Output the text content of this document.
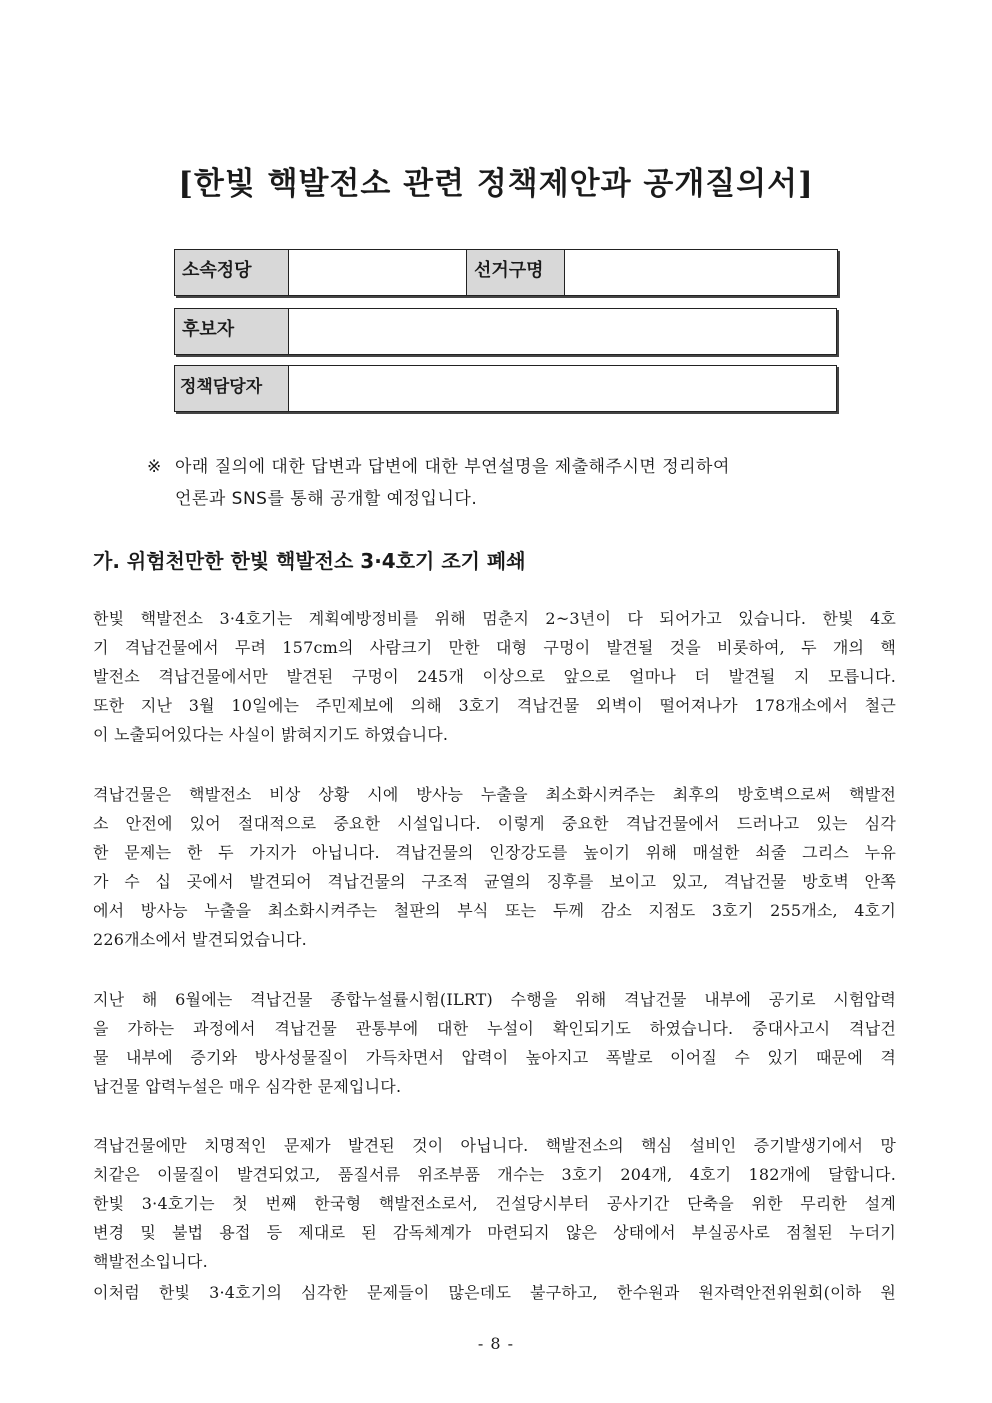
[한빛 핵발전소 관련 정책제안과 공개질의서]
소속정당	선거구명
후보자
정책담당자
※ 아래 질의에 대한 답변과 답변에 대한 부연설명을 제출해주시면 정리하여
언론과 SNS를 통해 공개할 예정입니다.
가. 위험천만한 한빛 핵발전소 3·4호기 조기 폐쇄

한빛 핵발전소 3·4호기는 계획예방정비를 위해 멈춘지 2~3년이 다 되어가고 있습니다. 한빛 4호
기 격납건물에서 무려 157cm의 사람크기 만한 대형 구멍이 발견될 것을 비롯하여, 두 개의 핵
발전소 격납건물에서만 발견된 구멍이 245개 이상으로 앞으로 얼마나 더 발견될 지 모릅니다.
또한 지난 3월 10일에는 주민제보에 의해 3호기 격납건물 외벽이 떨어져나가 178개소에서 철근
이 노출되어있다는 사실이 밝혀지기도 하였습니다.

격납건물은 핵발전소 비상 상황 시에 방사능 누출을 최소화시켜주는 최후의 방호벽으로써 핵발전
소 안전에 있어 절대적으로 중요한 시설입니다. 이렇게 중요한 격납건물에서 드러나고 있는 심각
한 문제는 한 두 가지가 아닙니다. 격납건물의 인장강도를 높이기 위해 매설한 쇠줄 그리스 누유
가 수 십 곳에서 발견되어 격납건물의 구조적 균열의 징후를 보이고 있고, 격납건물 방호벽 안쪽
에서 방사능 누출을 최소화시켜주는 철판의 부식 또는 두께 감소 지점도 3호기 255개소, 4호기
226개소에서 발견되었습니다.

지난 해 6월에는 격납건물 종합누설률시험(ILRT) 수행을 위해 격납건물 내부에 공기로 시험압력
을 가하는 과정에서 격납건물 관통부에 대한 누설이 확인되기도 하였습니다. 중대사고시 격납건
물 내부에 증기와 방사성물질이 가득차면서 압력이 높아지고 폭발로 이어질 수 있기 때문에 격
납건물 압력누설은 매우 심각한 문제입니다.

격납건물에만 치명적인 문제가 발견된 것이 아닙니다. 핵발전소의 핵심 설비인 증기발생기에서 망
치같은 이물질이 발견되었고, 품질서류 위조부품 개수는 3호기 204개, 4호기 182개에 달합니다.
한빛 3·4호기는 첫 번째 한국형 핵발전소로서, 건설당시부터 공사기간 단축을 위한 무리한 설계
변경 및 불법 용접 등 제대로 된 감독체계가 마련되지 않은 상태에서 부실공사로 점철된 누더기
핵발전소입니다.

이처럼 한빛 3·4호기의 심각한 문제들이 많은데도 불구하고, 한수원과 원자력안전위원회(이하 원

- 8 -
